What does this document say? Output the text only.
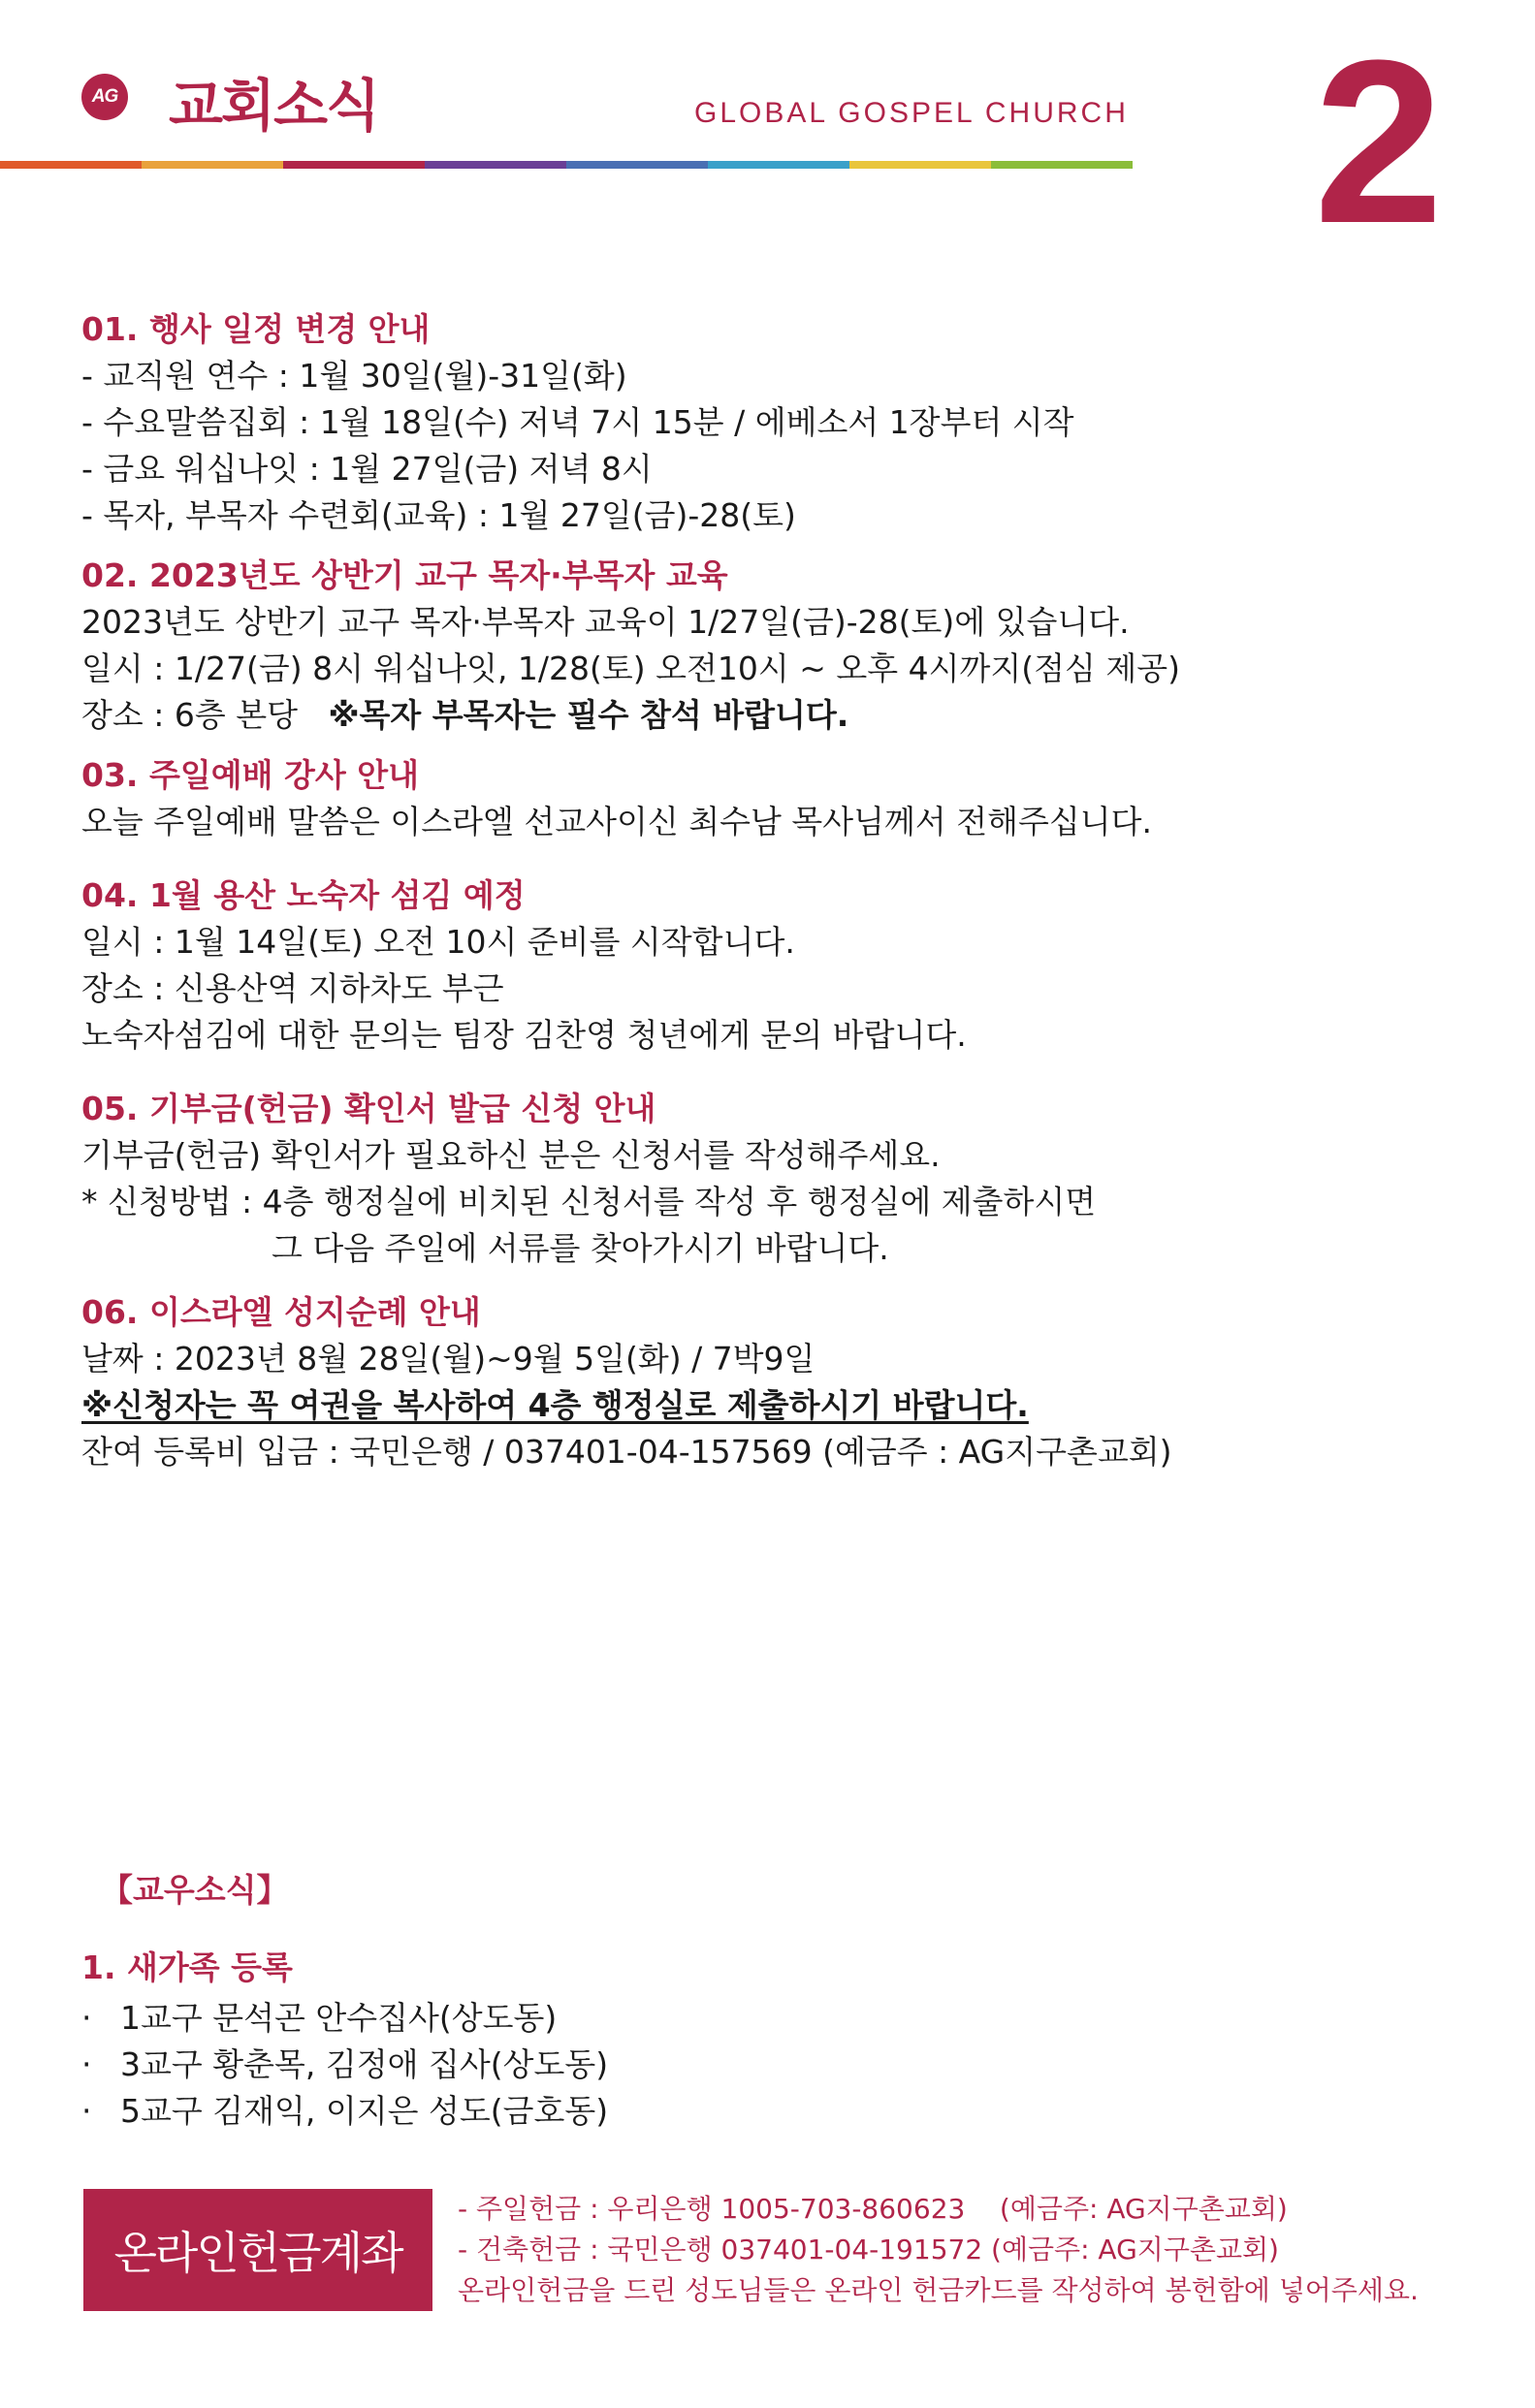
AG 교회소식	GLOBAL GOSPEL CHURCH 2
01. 행사 일정 변경 안내
- 교직원 연수 : 1월 30일(월)-31일(화)
- 수요말씀집회 : 1월 18일(수) 저녁 7시 15분 / 에베소서 1장부터 시작
- 금요 워십나잇 : 1월 27일(금) 저녁 8시
- 목자, 부목자 수련회(교육) : 1월 27일(금)-28(토)
02. 2023년도 상반기 교구 목자·부목자 교육
2023년도 상반기 교구 목자·부목자 교육이 1/27일(금)-28(토)에 있습니다.
일시 : 1/27(금) 8시 워십나잇, 1/28(토) 오전10시 ~ 오후 4시까지(점심 제공)
장소 : 6층 본당   ※목자 부목자는 필수 참석 바랍니다.
03. 주일예배 강사 안내
오늘 주일예배 말씀은 이스라엘 선교사이신 최수남 목사님께서 전해주십니다.
04. 1월 용산 노숙자 섬김 예정
일시 : 1월 14일(토) 오전 10시 준비를 시작합니다.
장소 : 신용산역 지하차도 부근
노숙자섬김에 대한 문의는 팀장 김찬영 청년에게 문의 바랍니다.
05. 기부금(헌금) 확인서 발급 신청 안내
기부금(헌금) 확인서가 필요하신 분은 신청서를 작성해주세요.
* 신청방법 : 4층 행정실에 비치된 신청서를 작성 후 행정실에 제출하시면
그 다음 주일에 서류를 찾아가시기 바랍니다.
06. 이스라엘 성지순례 안내
날짜 : 2023년 8월 28일(월)~9월 5일(화) / 7박9일
※신청자는 꼭 여권을 복사하여 4층 행정실로 제출하시기 바랍니다.
잔여 등록비 입금 : 국민은행 / 037401-04-157569 (예금주 : AG지구촌교회)
【교우소식】
1. 새가족 등록
· 1교구 문석곤 안수집사(상도동)
· 3교구 황춘목, 김정애 집사(상도동)
· 5교구 김재익, 이지은 성도(금호동)
온라인헌금계좌
- 주일헌금 : 우리은행 1005-703-860623    (예금주: AG지구촌교회)
- 건축헌금 : 국민은행 037401-04-191572 (예금주: AG지구촌교회)
온라인헌금을 드린 성도님들은 온라인 헌금카드를 작성하여 봉헌함에 넣어주세요.
